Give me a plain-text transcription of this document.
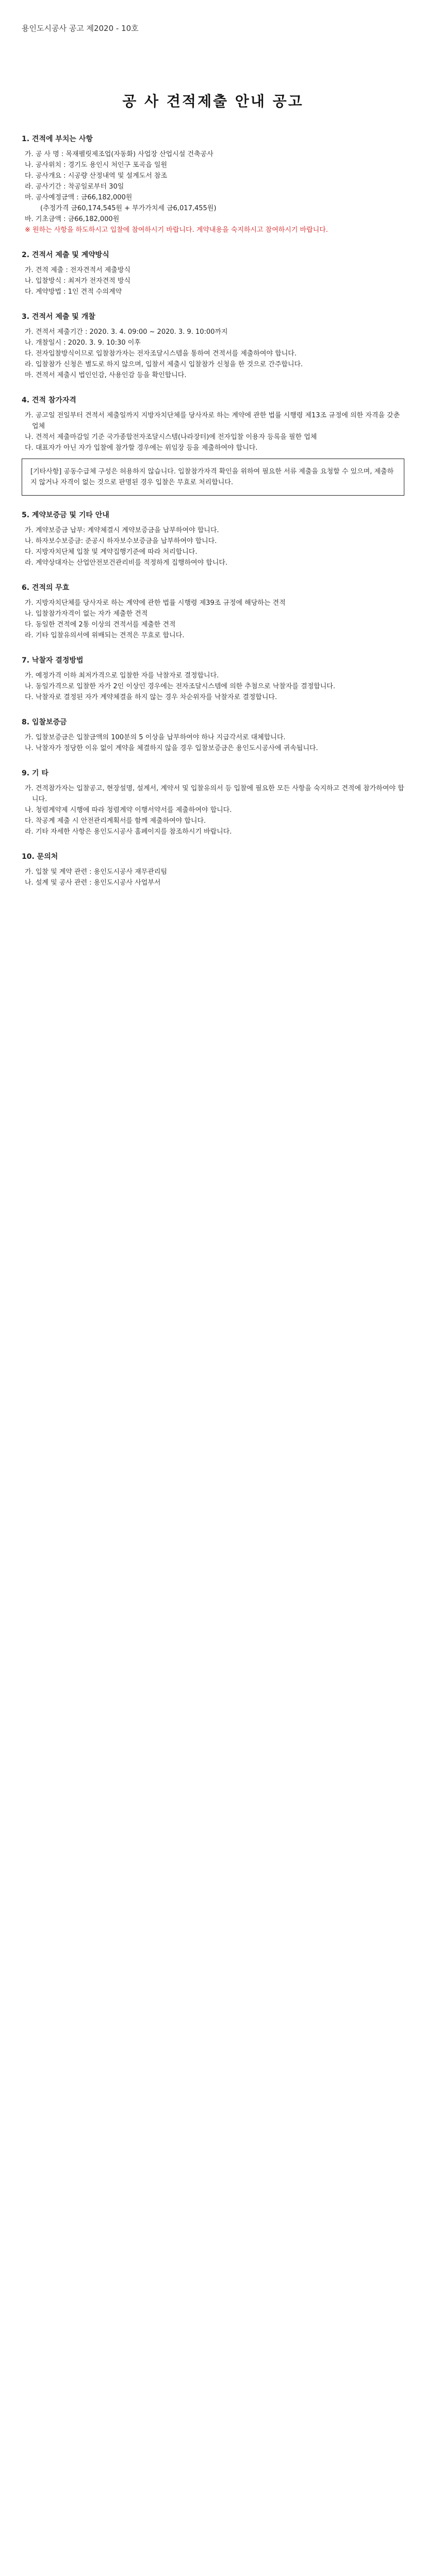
용인도시공사 공고 제2020 - 10호
공 사 견적제출 안내 공고
1. 견적에 부치는 사항

가. 공 사 명 : 목재펠릿제조업(자동화) 사업장 산업시설 건축공사

나. 공사위치 : 경기도 용인시 처인구 포곡읍 일원

다. 공사개요 : 시공량 산정내역 및 설계도서 참조

라. 공사기간 : 착공일로부터 30일

마. 공사예정금액 : 금66,182,000원

(추정가격 금60,174,545원 + 부가가치세 금6,017,455원)

바. 기초금액 : 금66,182,000원

※ 원하는 사항을 하도하시고 입찰에 참여하시기 바랍니다. 계약내용을 숙지하시고 참여하시기 바랍니다.

2. 견적서 제출 및 계약방식

가. 견적 제출 : 전자견적서 제출방식

나. 입찰방식 : 최저가 전자견적 방식

다. 계약방법 : 1인 견적 수의계약

3. 견적서 제출 및 개찰

가. 견적서 제출기간 : 2020. 3. 4. 09:00 ~ 2020. 3. 9. 10:00까지

나. 개찰일시 : 2020. 3. 9. 10:30 이후

다. 전자입찰방식이므로 입찰참가자는 전자조달시스템을 통하여 견적서를 제출하여야 합니다.

라. 입찰참가 신청은 별도로 하지 않으며, 입찰서 제출시 입찰참가 신청을 한 것으로 간주합니다.

마. 견적서 제출시 법인인감, 사용인감 등을 확인합니다.

4. 견적 참가자격

가. 공고일 전일부터 견적서 제출일까지 지방자치단체를 당사자로 하는 계약에 관한 법률 시행령 제13조 규정에 의한 자격을 갖춘 업체

나. 견적서 제출마감일 기준 국가종합전자조달시스템(나라장터)에 전자입찰 이용자 등록을 필한 업체

다. 대표자가 아닌 자가 입찰에 참가할 경우에는 위임장 등을 제출하여야 합니다.

[기타사항] 공동수급체 구성은 허용하지 않습니다. 입찰참가자격 확인을 위하여 필요한 서류 제출을 요청할 수 있으며, 제출하지 않거나 자격이 없는 것으로 판명된 경우 입찰은 무효로 처리합니다.
5. 계약보증금 및 기타 안내

가. 계약보증금 납부: 계약체결시 계약보증금을 납부하여야 합니다.

나. 하자보수보증금: 준공시 하자보수보증금을 납부하여야 합니다.

다. 지방자치단체 입찰 및 계약집행기준에 따라 처리합니다.

라. 계약상대자는 산업안전보건관리비를 적정하게 집행하여야 합니다.

6. 견적의 무효

가. 지방자치단체를 당사자로 하는 계약에 관한 법률 시행령 제39조 규정에 해당하는 견적

나. 입찰참가자격이 없는 자가 제출한 견적

다. 동일한 견적에 2통 이상의 견적서를 제출한 견적

라. 기타 입찰유의서에 위배되는 견적은 무효로 합니다.

7. 낙찰자 결정방법

가. 예정가격 이하 최저가격으로 입찰한 자를 낙찰자로 결정합니다.

나. 동일가격으로 입찰한 자가 2인 이상인 경우에는 전자조달시스템에 의한 추첨으로 낙찰자를 결정합니다.

다. 낙찰자로 결정된 자가 계약체결을 하지 않는 경우 차순위자를 낙찰자로 결정합니다.

8. 입찰보증금

가. 입찰보증금은 입찰금액의 100분의 5 이상을 납부하여야 하나 지급각서로 대체합니다.

나. 낙찰자가 정당한 이유 없이 계약을 체결하지 않을 경우 입찰보증금은 용인도시공사에 귀속됩니다.

9. 기 타

가. 견적참가자는 입찰공고, 현장설명, 설계서, 계약서 및 입찰유의서 등 입찰에 필요한 모든 사항을 숙지하고 견적에 참가하여야 합니다.

나. 청렴계약제 시행에 따라 청렴계약 이행서약서를 제출하여야 합니다.

다. 착공계 제출 시 안전관리계획서를 함께 제출하여야 합니다.

라. 기타 자세한 사항은 용인도시공사 홈페이지를 참조하시기 바랍니다.

10. 문의처

가. 입찰 및 계약 관련 : 용인도시공사 재무관리팀

나. 설계 및 공사 관련 : 용인도시공사 사업부서
